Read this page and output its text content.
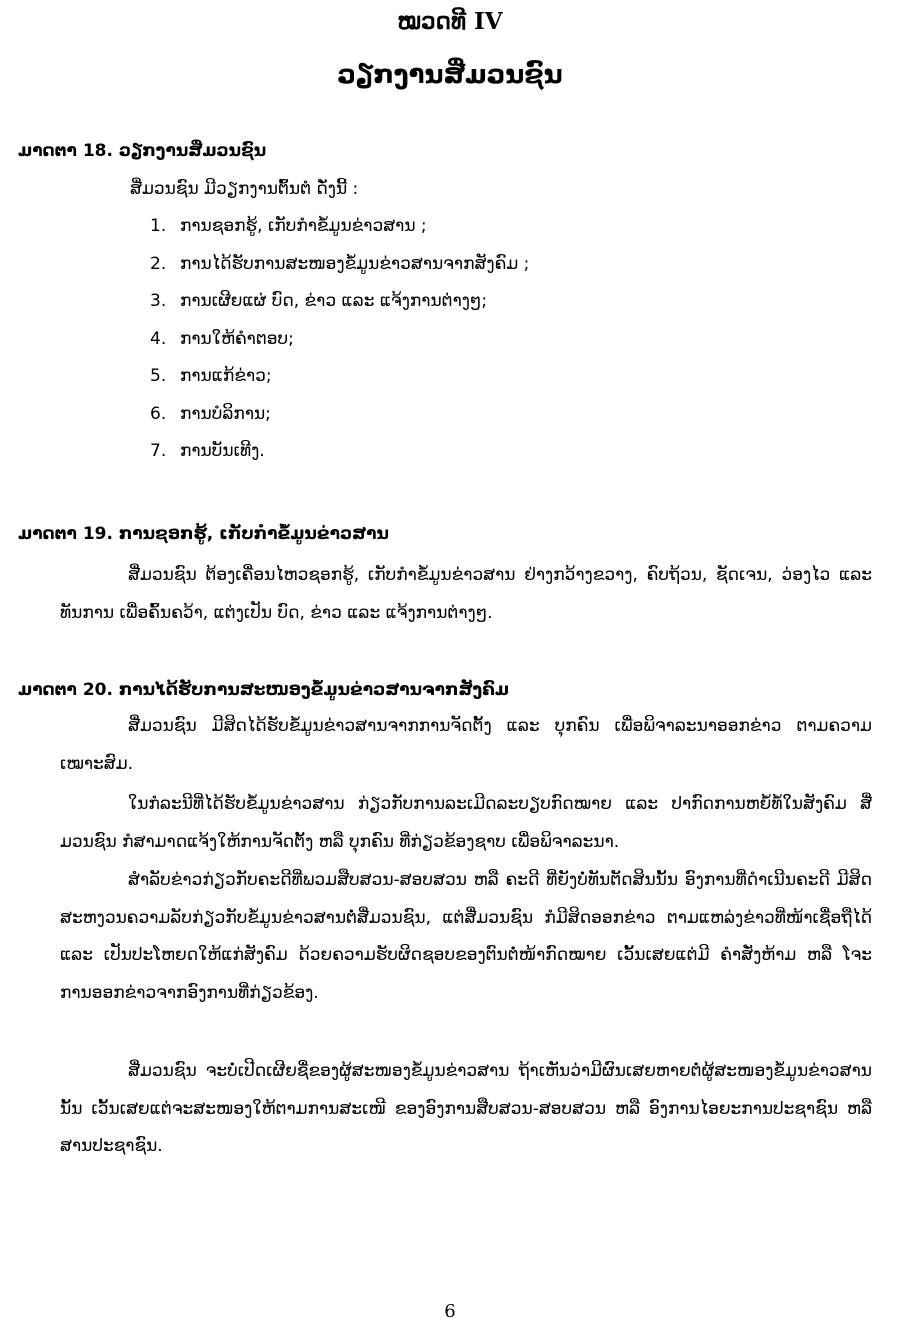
ໝວດທີ IV
ວຽກງານສື່ມວນຊົນ
ມາດຕາ 18. ວຽກງານສື່ມວນຊົນ
ສື່ມວນຊົນ ມີວຽກງານຕົ້ນຕໍ ດັ່ງນີ້ :
1. ການຊອກຮູ້, ເກັບກໍາຂໍ້ມູນຂ່າວສານ ;
2. ການໄດ້ຮັບການສະໜອງຂໍ້ມູນຂ່າວສານຈາກສັງຄົມ ;
3. ການເຜີຍແຜ່ ບົດ, ຂ່າວ ແລະ ແຈ້ງການຕ່າງໆ;
4. ການໃຫ້ຄໍາຕອບ;
5. ການແກ້ຂ່າວ;
6. ການບໍລິການ;
7. ການບັນເທີງ.
ມາດຕາ 19. ການຊອກຮູ້, ເກັບກໍາຂໍ້ມູນຂ່າວສານ

ສື່ມວນຊົນ ຕ້ອງເຄື່ອນໄຫວຊອກຮູ້, ເກັບກໍາຂໍ້ມູນຂ່າວສານ ຢ່າງກວ້າງຂວາງ, ຄົບຖ້ວນ, ຊັດເຈນ, ວ່ອງໄວ ແລະ ທັນການ ເພື່ອຄົ້ນຄວ້າ, ແຕ່ງເປັນ ບົດ, ຂ່າວ ແລະ ແຈ້ງການຕ່າງໆ.

ມາດຕາ 20. ການໄດ້ຮັບການສະໜອງຂໍ້ມູນຂ່າວສານຈາກສັງຄົມ

ສື່ມວນຊົນ ມີສິດໄດ້ຮັບຂໍ້ມູນຂ່າວສານຈາກການຈັດຕັ້ງ ແລະ ບຸກຄົນ ເພື່ອພິຈາລະນາອອກຂ່າວ ຕາມຄວາມເໝາະສົມ.

ໃນກໍລະນີທີ່ໄດ້ຮັບຂໍ້ມູນຂ່າວສານ ກ່ຽວກັບການລະເມີດລະບຽບກົດໝາຍ ແລະ ປາກົດການຫຍໍ້ທໍ້ໃນສັງຄົມ ສື່ມວນຊົນ ກໍສາມາດແຈ້ງໃຫ້ການຈັດຕັ້ງ ຫລື ບຸກຄົນ ທີ່ກ່ຽວຂ້ອງຊາບ ເພື່ອພິຈາລະນາ.

ສໍາລັບຂ່າວກ່ຽວກັບຄະດີທີ່ພວມສືບສວນ-ສອບສວນ ຫລື ຄະດີ ທີ່ຍັງບໍ່ທັນຕັດສິນນັ້ນ ອົງການທີ່ດໍາເນີນຄະດີ ມີສິດສະຫງວນຄວາມລັບກ່ຽວກັບຂໍ້ມູນຂ່າວສານຕໍ່ສື່ມວນຊົນ, ແຕ່ສື່ມວນຊົນ ກໍມີສິດອອກຂ່າວ ຕາມແຫລ່ງຂ່າວທີ່ໜ້າເຊື່ອຖືໄດ້ ແລະ ເປັນປະໂຫຍດໃຫ້ແກ່ສັງຄົມ ດ້ວຍຄວາມຮັບຜິດຊອບຂອງຕົນຕໍ່ໜ້າກົດໝາຍ ເວັ້ນເສຍແຕ່ມີ ຄໍາສັ່ງຫ້າມ ຫລື ໂຈະ ການອອກຂ່າວຈາກອົງການທີ່ກ່ຽວຂ້ອງ.

ສື່ມວນຊົນ ຈະບໍ່ເປີດເຜີຍຊື່ຂອງຜູ້ສະໜອງຂໍ້ມູນຂ່າວສານ ຖ້າເຫັນວ່າມີຜົນເສຍຫາຍຕໍ່ຜູ້ສະໜອງຂໍ້ມູນຂ່າວສານນັ້ນ ເວັ້ນເສຍແຕ່ຈະສະໜອງໃຫ້ຕາມການສະເໜີ ຂອງອົງການສືບສວນ-ສອບສວນ ຫລື ອົງການໄອຍະການປະຊາຊົນ ຫລື ສານປະຊາຊົນ.

6
